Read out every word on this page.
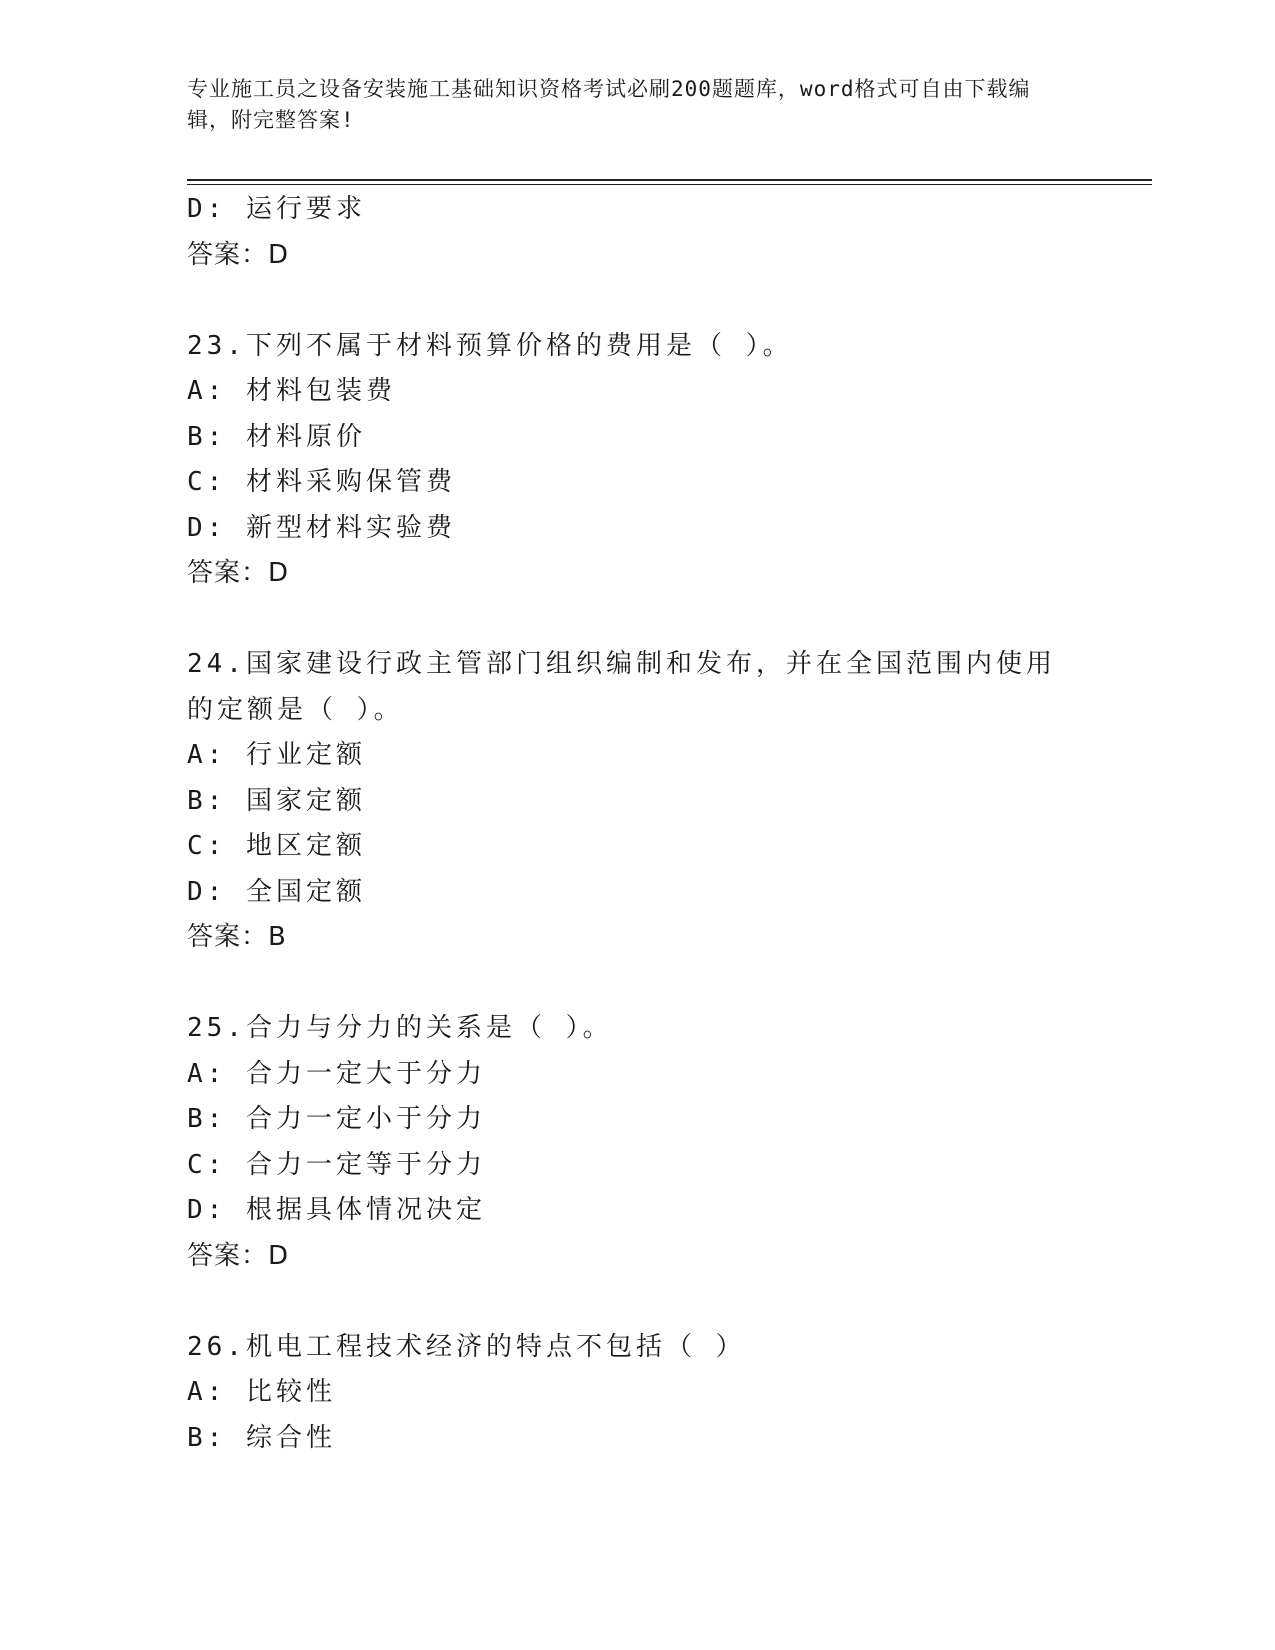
专业施工员之设备安装施工基础知识资格考试必刷200题题库，word格式可自由下载编辑，附完整答案!
D: 运行要求
答案：D
23.下列不属于材料预算价格的费用是（ ）。
A: 材料包装费
B: 材料原价
C: 材料采购保管费
D: 新型材料实验费
答案：D
24.国家建设行政主管部门组织编制和发布，并在全国范围内使用的定额是（ ）。
A: 行业定额
B: 国家定额
C: 地区定额
D: 全国定额
答案：B
25.合力与分力的关系是（ ）。
A: 合力一定大于分力
B: 合力一定小于分力
C: 合力一定等于分力
D: 根据具体情况决定
答案：D
26.机电工程技术经济的特点不包括（ ）
A: 比较性
B: 综合性
